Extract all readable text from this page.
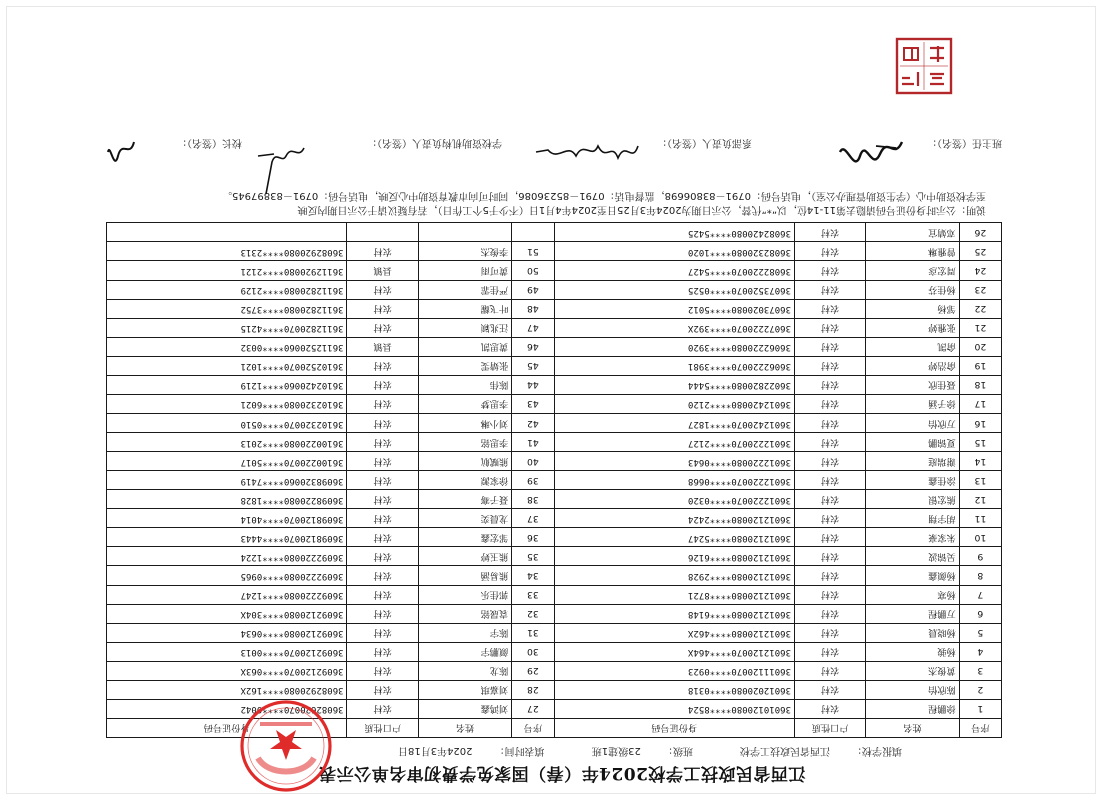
江西省民政技工学校2024年（春）国家免学费初审名单公示表
填报学校：江西省民政技工学校 班级：23级建1班 填表时间：2024年3月18日
序号	姓名	户口性质	身份证号码	序号	姓名	户口性质	身份证号码
1	徐鹏程	农村	36010120080****8524	27	刘鸿鑫	农村	36082620070****0042
2	陈欣怡	农村	36012020080****0318	28	刘嘉琪	农村	36082920080****162X
3	黄俊杰	农村	36011120070****0923	29	陈龙	农村	36092120070****063X
4	杨骏	农村	36012120070****464X	30	颜鹏宇	农村	36092120070****0013
5	杨晓晨	农村	36012120080****462X	31	陈宇	农村	36092120080****0634
6	万鹏程	农村	36012120080****6148	32	袁晟铭	农村	36092120080****304X
7	杨寒	农村	36012120080****8721	33	郭佳乐	农村	36092220080****1247
8	杨颜鑫	农村	36012120080****2928	34	熊易涵	农村	36092220080****0965
9	吴锦波	农村	36012120080****6126	35	熊玉婷	农村	36092220080****1224
10	朱家豪	农村	36012120080****5247	36	邹宏鑫	农村	36098120070****4443
11	胡宇翔	农村	36012120080****2424	37	龙晨奕	农村	36098120070****4014
12	熊宏银	农村	36012220070****0320	38	聂子骞	农村	36098220080****1828
13	涂佳鑫	农村	36012220070****0668	39	徐家源	农村	36098320060****7419
14	谢瑞庭	农村	36012220080****0643	40	熊赋航	农村	36100220070****5017
15	夏锦鹏	农村	36012220070****2127	41	李思铭	农村	36100220080****2013
16	万欣怡	农村	36012420070****1827	42	刘小琳	农村	36102320070****0510
17	徐子涵	农村	36012420080****2120	43	李思梦	农村	36102320080****6021
18	聂佳欣	农村	36022820080****5444	44	陈伟	农村	36102420060****1219
19	俞浩婷	农村	36062220070****3981	45	张婧雯	农村	36102520070****1021
20	俞凯	农村	36062220080****3920	46	黄思凯	县镇	36112520060****0032
21	张雅婷	农村	36072220070****392X	47	汪兆颖	农村	36112820070****4215
22	邹杨	农村	36073020080****5012	48	叶飞耀	农村	36112820080****3752
23	杨佳芬	农村	36073520070****0525	49	严佳霏	农村	36112820080****2129
24	周宏彦	农村	36082220070****5427	50	黄可雨	县镇	36112920080****2121
25	曾雅琳	农村	36082320080****1020	51	李俊杰	农村	36082920080****2313
26	邓婧宜	农村	36082420080****5425				

说明：公示时身份证号码请隐去第11-14位，以“*”代替，公示日期为2024年3月25日至2024年4月1日（不少于5个工作日），若有疑议请于公示日期内反映

至学校资助中心（学生资助管理办公室），电话号码：0791－83806698，监督电话：0791－85236086，同时可向市教育资助中心反映，电话号码：0791－83897945。

班主任（签名）：
系部负责人（签名）：
学校资助机构负责人（签名）：
校长（签名）：
